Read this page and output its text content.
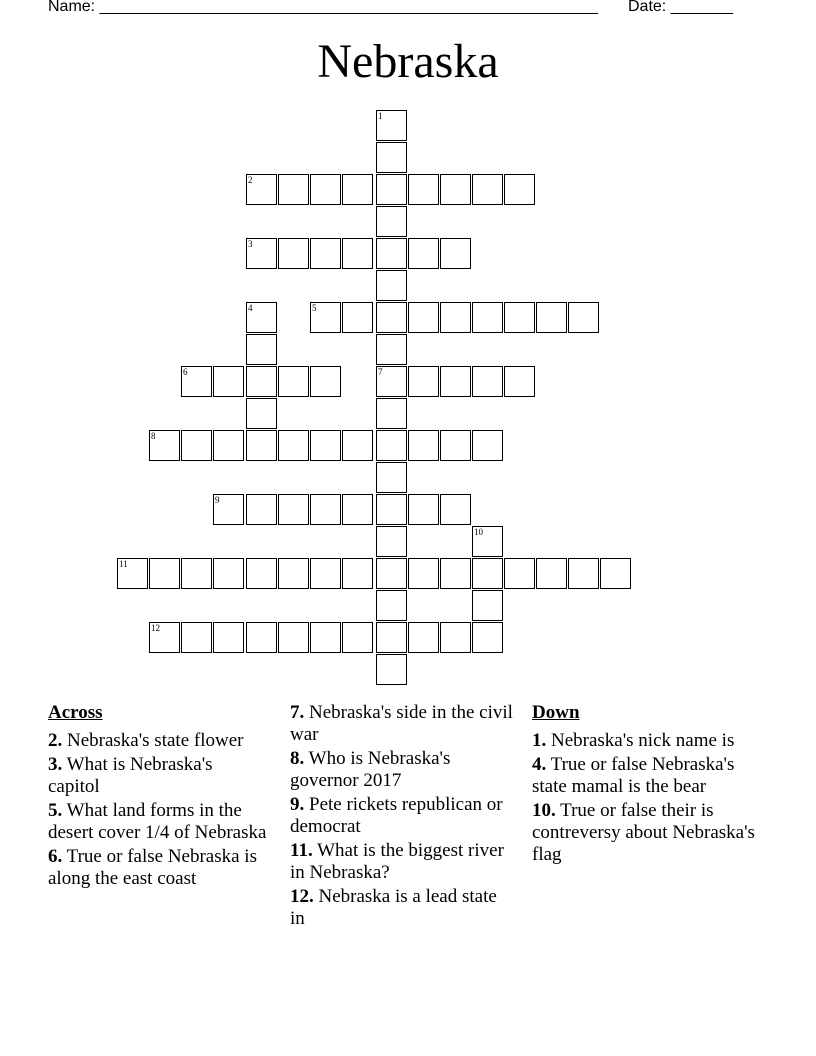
Name: ________________________________________________________ Date: _______
Nebraska
1
7
2
3
4	5
6
8
9
10
11
12
Across
2. Nebraska's state flower
3. What is Nebraska's capitol
5. What land forms in the desert cover 1/4 of Nebraska
6. True or false Nebraska is along the east coast
7. Nebraska's side in the civil war
8. Who is Nebraska's governor 2017
9. Pete rickets republican or democrat
11. What is the biggest river in Nebraska?
12. Nebraska is a lead state in
Down
1. Nebraska's nick name is
4. True or false Nebraska's state mamal is the bear
10. True or false their is contreversy about Nebraska's flag
